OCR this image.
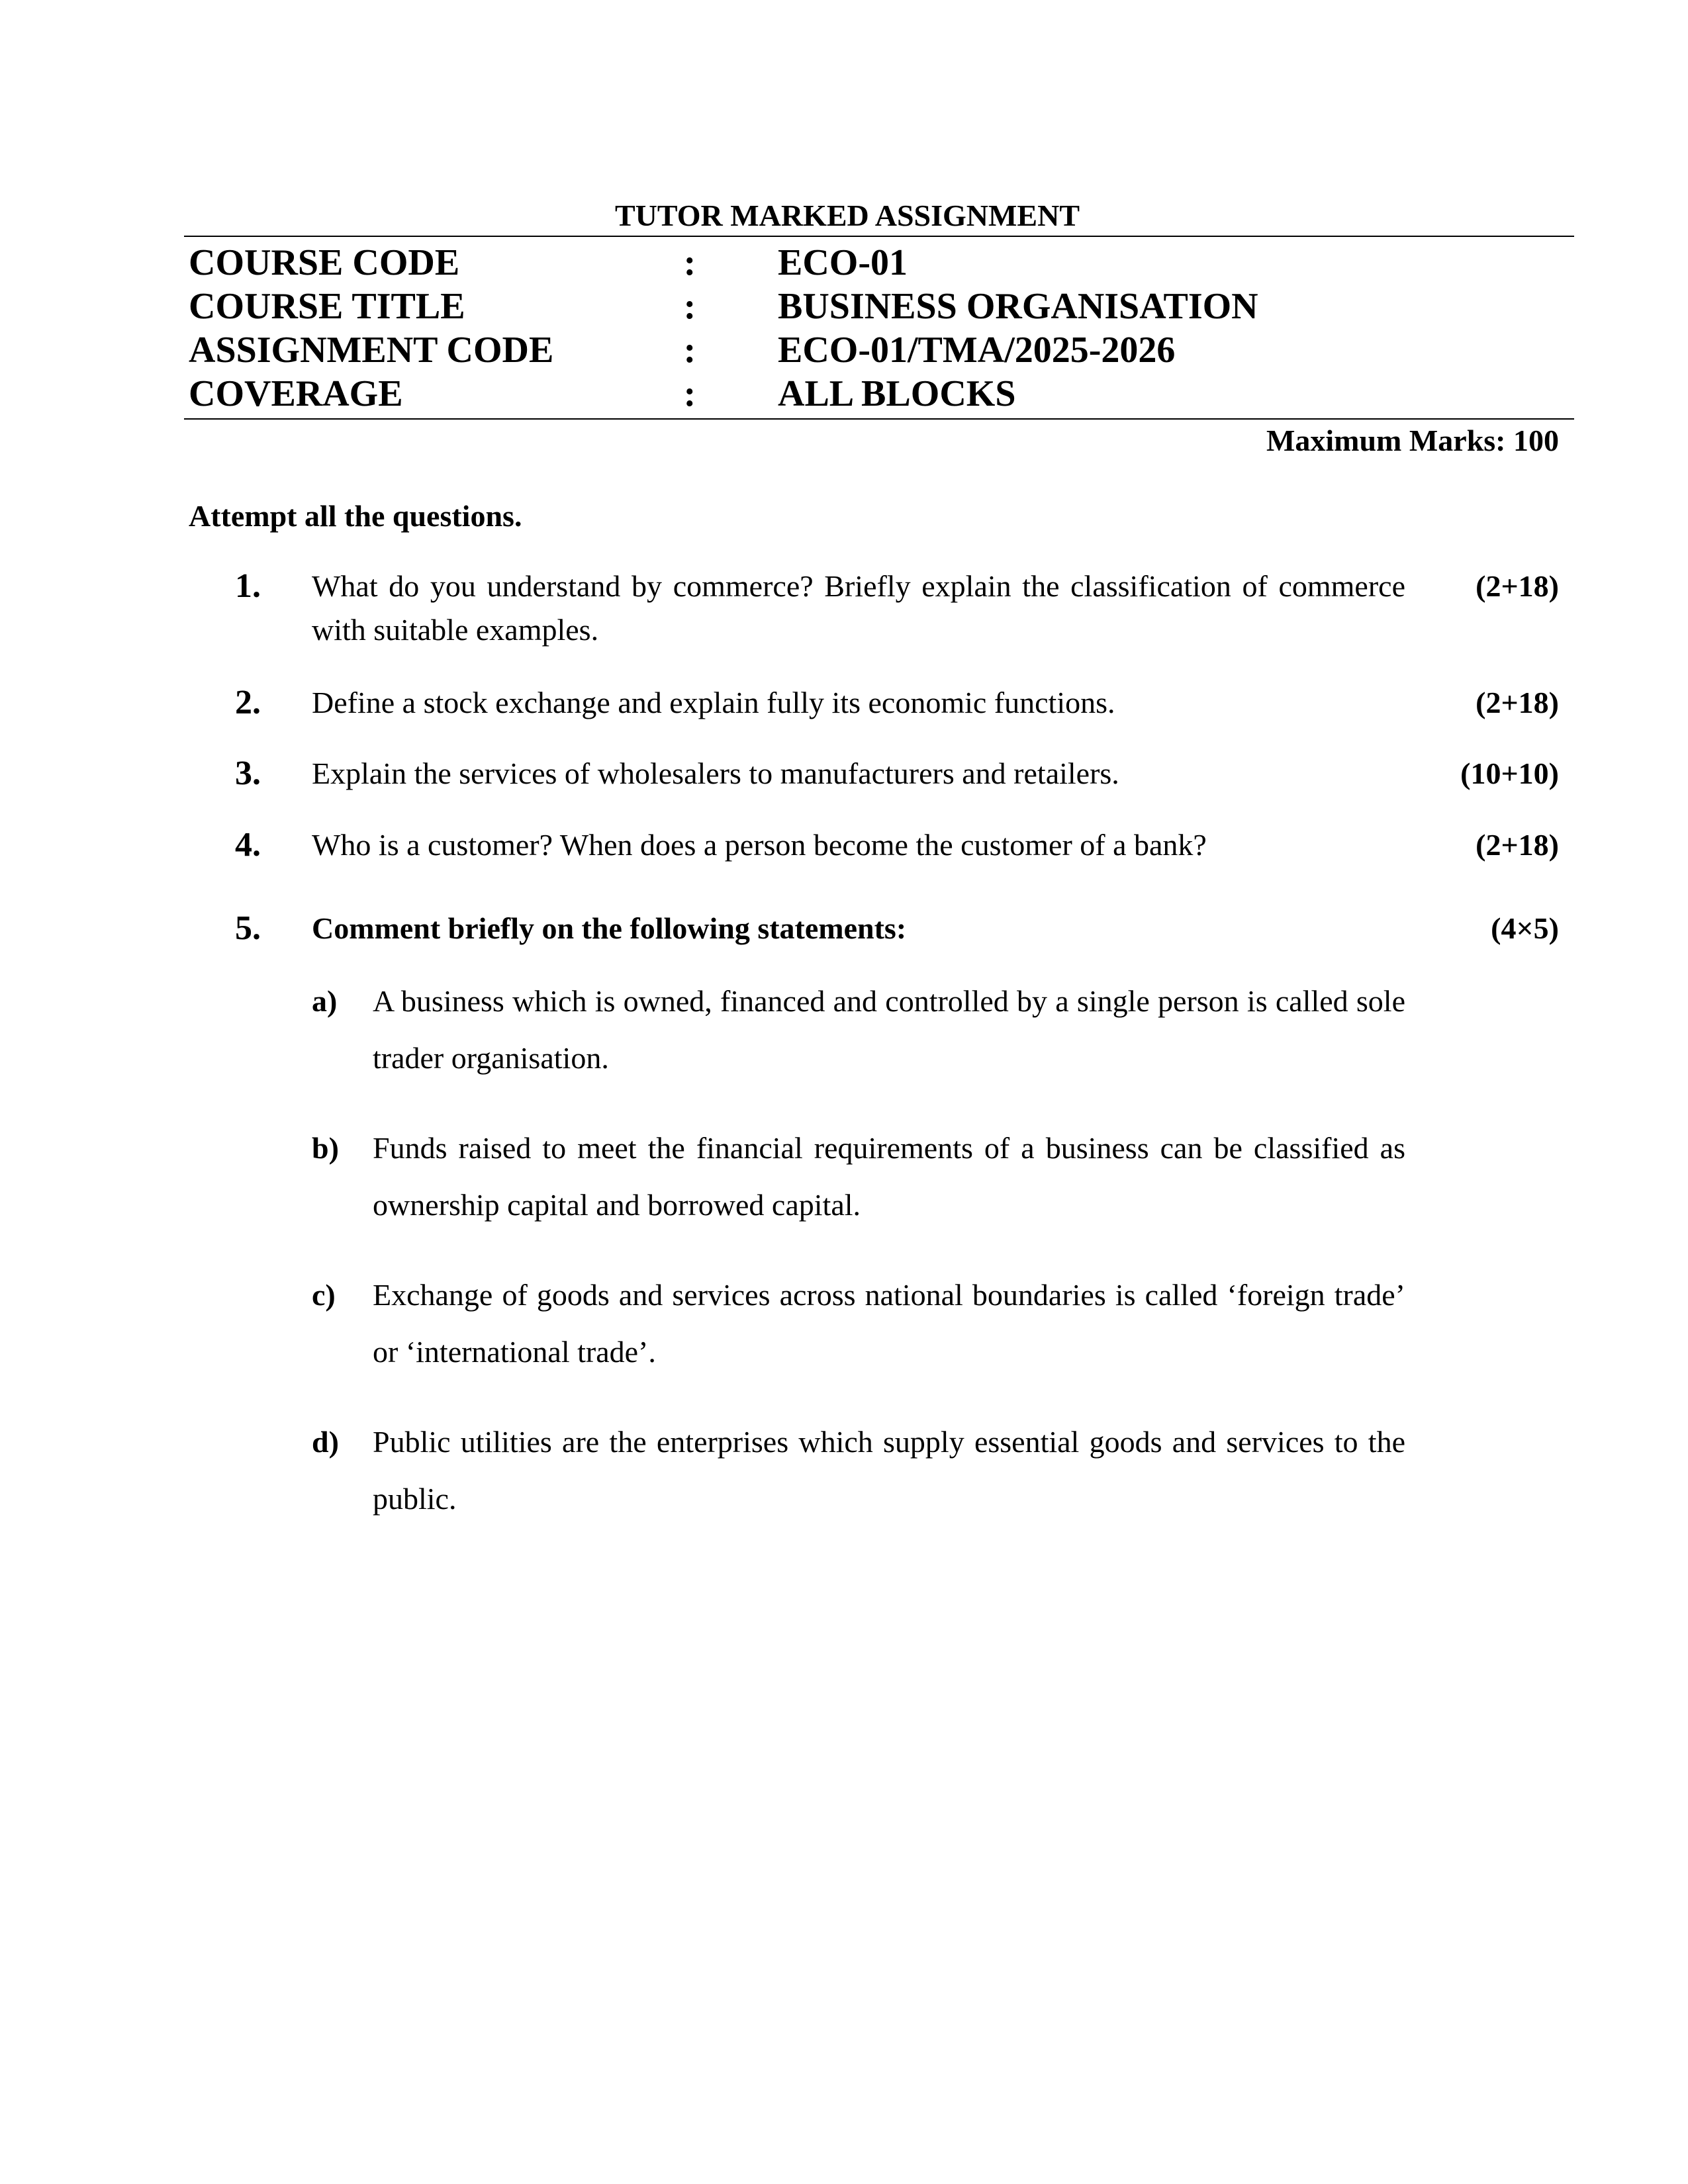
TUTOR MARKED ASSIGNMENT
COURSE CODE	: ECO-01
COURSE TITLE	: BUSINESS ORGANISATION
ASSIGNMENT CODE	: ECO-01/TMA/2025-2026
COVERAGE	: ALL BLOCKS
Maximum Marks: 100
Attempt all the questions.
1. What do you understand by commerce? Briefly explain the classification of commerce with suitable examples.
(2+18)
2. Define a stock exchange and explain fully its economic functions.	(2+18)
3. Explain the services of wholesalers to manufacturers and retailers.	(10+10)
4. Who is a customer? When does a person become the customer of a bank?	(2+18)
5. Comment briefly on the following statements:	(4×5)
a) A business which is owned, financed and controlled by a single person is called sole trader organisation.
b) Funds raised to meet the financial requirements of a business can be classified as ownership capital and borrowed capital.
c) Exchange of goods and services across national boundaries is called ‘foreign trade’ or ‘international trade’.
d) Public utilities are the enterprises which supply essential goods and services to the public.
